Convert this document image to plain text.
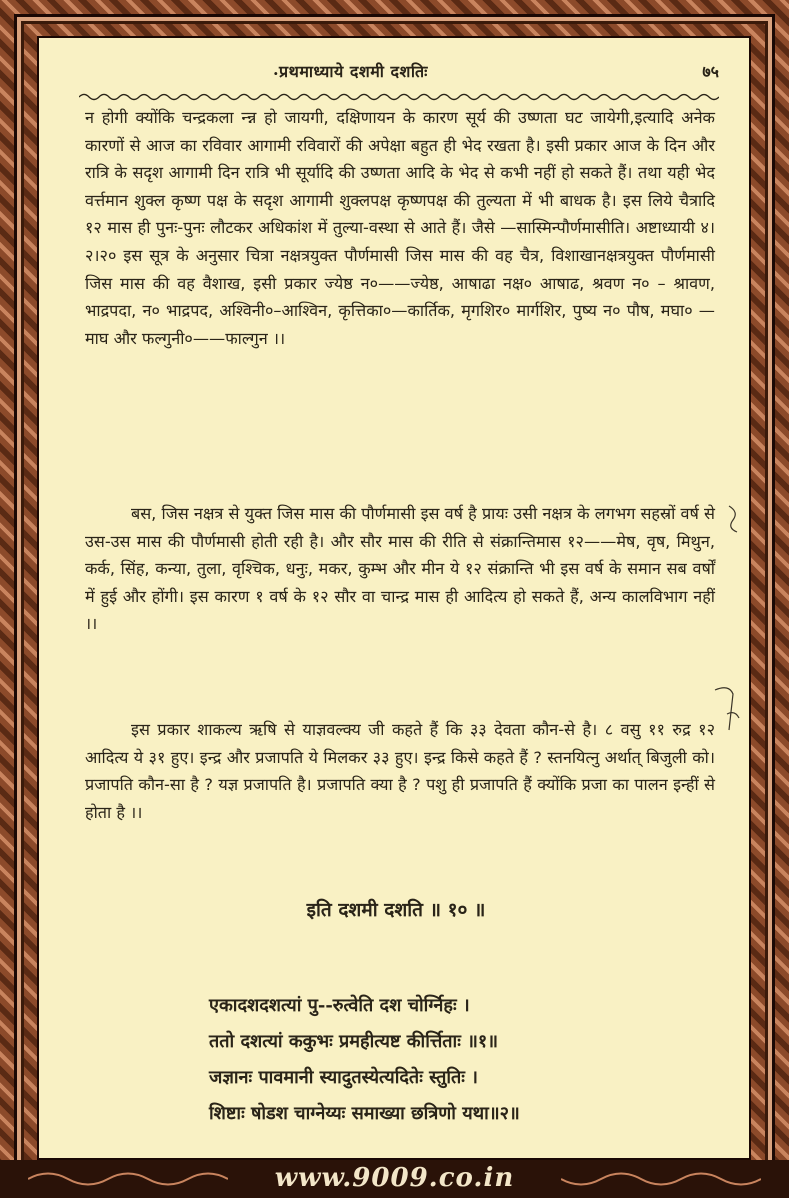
. प्रथमाध्याये दशमी दशतिः	७५
न होगी क्योंकि चन्द्रकला न्न्न हो जायगी, दक्षिणायन के कारण सूर्य की उष्णता घट जायेगी,इत्यादि अनेक कारणों से आज का रविवार आगामी रविवारों की अपेक्षा बहुत ही भेद रखता है। इसी प्रकार आज के दिन और रात्रि के सदृश आगामी दिन रात्रि भी सूर्यादि की उष्णता आदि के भेद से कभी नहीं हो सकते हैं। तथा यही भेद वर्त्तमान शुक्ल कृष्ण पक्ष के सदृश आगामी शुक्लपक्ष कृष्णपक्ष की तुल्यता में भी बाधक है। इस लिये चैत्रादि १२ मास ही पुनः-पुनः लौटकर अधिकांश में तुल्या-वस्था से आते हैं। जैसे —सास्मिन्पौर्णमासीति। अष्टाध्यायी ४।२।२० इस सूत्र के अनुसार चित्रा नक्षत्रयुक्त पौर्णमासी जिस मास की वह चैत्र, विशाखानक्षत्रयुक्त पौर्णमासी जिस मास की वह वैशाख, इसी प्रकार ज्येष्ठ न०——ज्येष्ठ, आषाढा नक्ष० आषाढ, श्रवण न० – श्रावण, भाद्रपदा, न० भाद्रपद, अश्विनी०–आश्विन, कृत्तिका०—कार्तिक, मृगशिर० मार्गशिर, पुष्य न० पौष, मघा० —माघ और फल्गुनी०——फाल्गुन ।।
बस, जिस नक्षत्र से युक्त जिस मास की पौर्णमासी इस वर्ष है प्रायः उसी नक्षत्र के लगभग सहस्रों वर्ष से उस-उस मास की पौर्णमासी होती रही है। और सौर मास की रीति से संक्रान्तिमास १२——मेष, वृष, मिथुन, कर्क, सिंह, कन्या, तुला, वृश्चिक, धनुः, मकर, कुम्भ और मीन ये १२ संक्रान्ति भी इस वर्ष के समान सब वर्षों में हुई और होंगी। इस कारण १ वर्ष के १२ सौर वा चान्द्र मास ही आदित्य हो सकते हैं, अन्य कालविभाग नहीं ।।
इस प्रकार शाकल्य ऋषि से याज्ञवल्क्य जी कहते हैं कि ३३ देवता कौन-से है। ८ वसु ११ रुद्र १२ आदित्य ये ३१ हुए। इन्द्र और प्रजापति ये मिलकर ३३ हुए। इन्द्र किसे कहते हैं ? स्तनयित्नु अर्थात् बिजुली को। प्रजापति कौन-सा है ? यज्ञ प्रजापति है। प्रजापति क्या है ? पशु ही प्रजापति हैं क्योंकि प्रजा का पालन इन्हीं से होता है ।।
इति दशमी दशति ॥ १० ॥
एकादशदशत्यां पु--रुत्वेति दश चोर्ग्निहः ।
ततो दशत्यां ककुभः प्रमहीत्यष्ट कीर्त्तिताः ॥१॥
जज्ञानः पावमानी स्यादुतस्येत्यदितेः स्तुतिः ।
शिष्टाः षोडश चाग्नेय्यः समाख्या छत्रिणो यथा॥२॥
www.9009.co.in
